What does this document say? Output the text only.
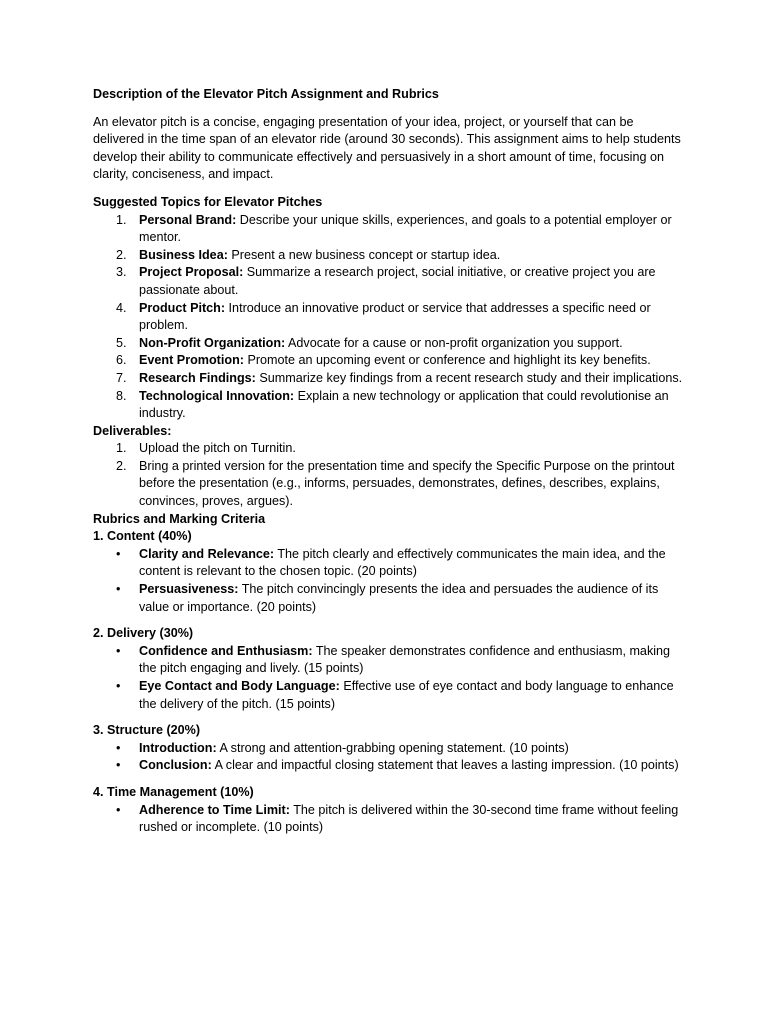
Description of the Elevator Pitch Assignment and Rubrics

An elevator pitch is a concise, engaging presentation of your idea, project, or yourself that can be delivered in the time span of an elevator ride (around 30 seconds). This assignment aims to help students develop their ability to communicate effectively and persuasively in a short amount of time, focusing on clarity, conciseness, and impact.

Suggested Topics for Elevator Pitches

1. Personal Brand: Describe your unique skills, experiences, and goals to a potential employer or mentor.
2. Business Idea: Present a new business concept or startup idea.
3. Project Proposal: Summarize a research project, social initiative, or creative project you are passionate about.
4. Product Pitch: Introduce an innovative product or service that addresses a specific need or problem.
5. Non-Profit Organization: Advocate for a cause or non-profit organization you support.
6. Event Promotion: Promote an upcoming event or conference and highlight its key benefits.
7. Research Findings: Summarize key findings from a recent research study and their implications.
8. Technological Innovation: Explain a new technology or application that could revolutionise an industry.

Deliverables:

1. Upload the pitch on Turnitin.
2. Bring a printed version for the presentation time and specify the Specific Purpose on the printout before the presentation (e.g., informs, persuades, demonstrates, defines, describes, explains, convinces, proves, argues).

Rubrics and Marking Criteria

1. Content (40%)

• Clarity and Relevance: The pitch clearly and effectively communicates the main idea, and the content is relevant to the chosen topic. (20 points)
• Persuasiveness: The pitch convincingly presents the idea and persuades the audience of its value or importance. (20 points)

2. Delivery (30%)

• Confidence and Enthusiasm: The speaker demonstrates confidence and enthusiasm, making the pitch engaging and lively. (15 points)
• Eye Contact and Body Language: Effective use of eye contact and body language to enhance the delivery of the pitch. (15 points)

3. Structure (20%)

• Introduction: A strong and attention-grabbing opening statement. (10 points)
• Conclusion: A clear and impactful closing statement that leaves a lasting impression. (10 points)

4. Time Management (10%)

• Adherence to Time Limit: The pitch is delivered within the 30-second time frame without feeling rushed or incomplete. (10 points)
